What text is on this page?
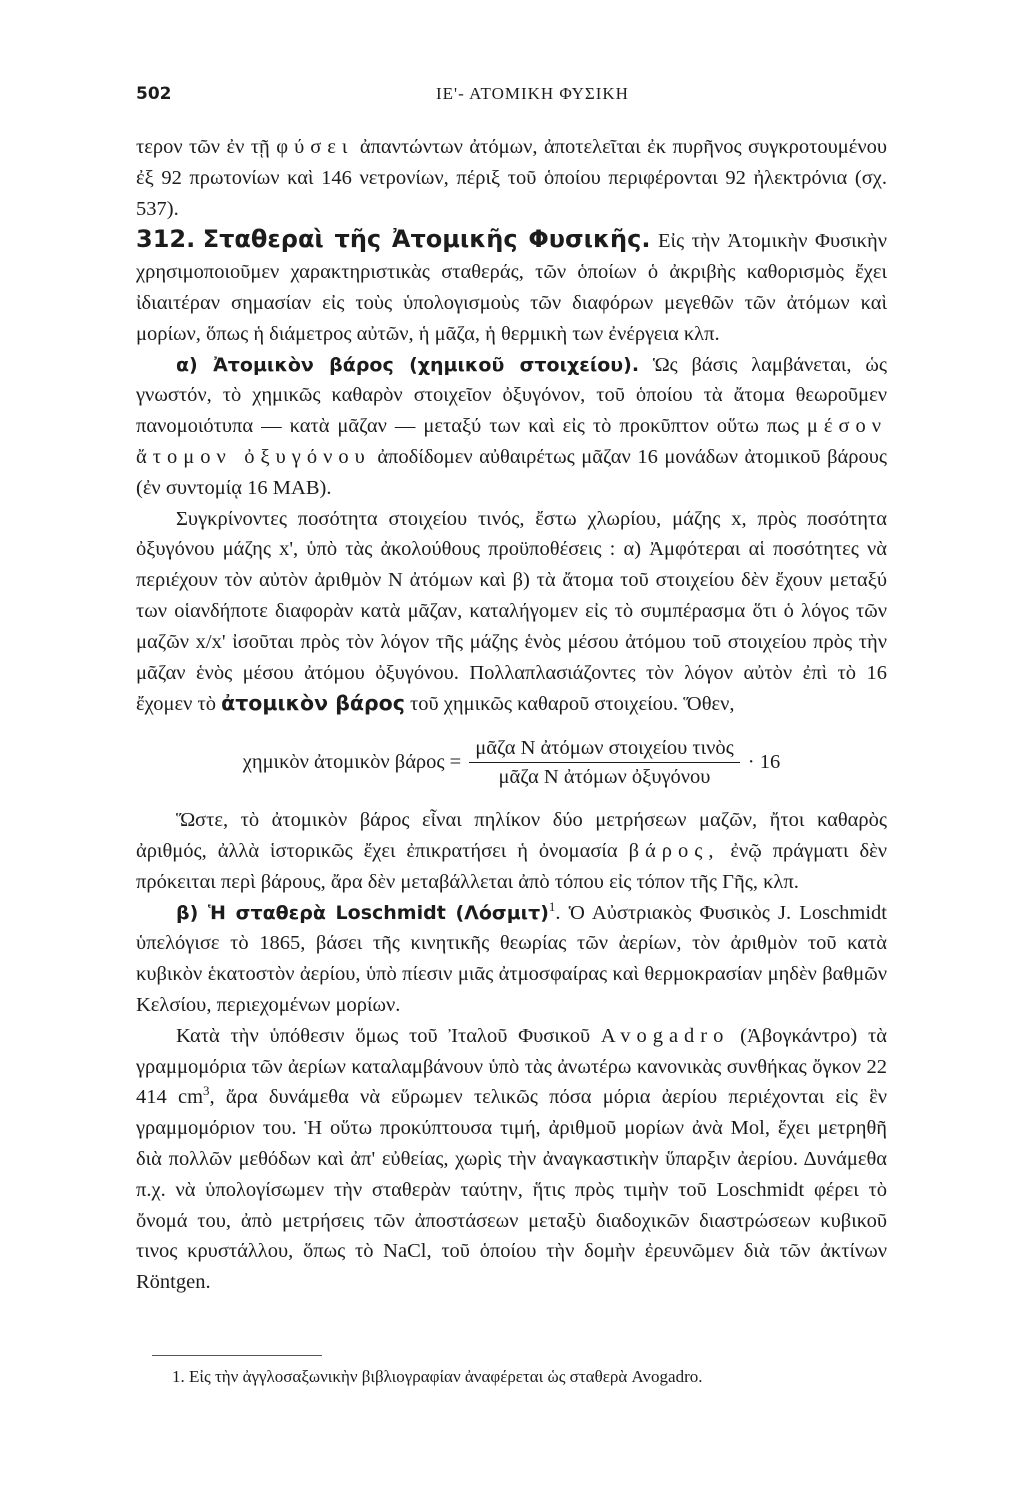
502	ΙΕ'- ΑΤΟΜΙΚΗ ΦΥΣΙΚΗ

τερον τῶν ἐν τῇ φύσει ἀπαντώντων ἀτόμων, ἀποτελεῖται ἐκ πυρῆνος συγκροτουμένου ἐξ 92 πρωτονίων καὶ 146 νετρονίων, πέριξ τοῦ ὁποίου περιφέρονται 92 ἠλεκτρόνια (σχ. 537).

312. Σταθεραὶ τῆς Ἀτομικῆς Φυσικῆς. Εἰς τὴν Ἀτομικὴν Φυσικὴν χρησιμοποιοῦμεν χαρακτηριστικὰς σταθεράς, τῶν ὁποίων ὁ ἀκριβὴς καθορισμὸς ἔχει ἰδιαιτέραν σημασίαν εἰς τοὺς ὑπολογισμοὺς τῶν διαφόρων μεγεθῶν τῶν ἀτόμων καὶ μορίων, ὅπως ἡ διάμετρος αὐτῶν, ἡ μᾶζα, ἡ θερμικὴ των ἐνέργεια κλπ.

α) Ἀτομικὸν βάρος (χημικοῦ στοιχείου). Ὡς βάσις λαμβάνεται, ὡς γνωστόν, τὸ χημικῶς καθαρὸν στοιχεῖον ὀξυγόνον, τοῦ ὁποίου τὰ ἄτομα θεωροῦμεν πανομοιότυπα — κατὰ μᾶζαν — μεταξύ των καὶ εἰς τὸ προκῦπτον οὕτω πως μέσον ἄτομον ὀξυγόνου ἀποδίδομεν αὐθαιρέτως μᾶζαν 16 μονάδων ἀτομικοῦ βάρους (ἐν συντομίᾳ 16 ΜΑΒ).

Συγκρίνοντες ποσότητα στοιχείου τινός, ἔστω χλωρίου, μάζης x, πρὸς ποσότητα ὀξυγόνου μάζης x', ὑπὸ τὰς ἀκολούθους προϋποθέσεις : α) Ἀμφότεραι αἱ ποσότητες νὰ περιέχουν τὸν αὐτὸν ἀριθμὸν N ἀτόμων καὶ β) τὰ ἄτομα τοῦ στοιχείου δὲν ἔχουν μεταξύ των οἱανδήποτε διαφορὰν κατὰ μᾶζαν, καταλήγομεν εἰς τὸ συμπέρασμα ὅτι ὁ λόγος τῶν μαζῶν x/x' ἰσοῦται πρὸς τὸν λόγον τῆς μάζης ἑνὸς μέσου ἀτόμου τοῦ στοιχείου πρὸς τὴν μᾶζαν ἑνὸς μέσου ἀτόμου ὀξυγόνου. Πολλαπλασιάζοντες τὸν λόγον αὐτὸν ἐπὶ τὸ 16 ἔχομεν τὸ ἀτομικὸν βάρος τοῦ χημικῶς καθαροῦ στοιχείου. Ὅθεν,

χημικὸν ἀτομικὸν $\beta ά\rho o\varsigma = \frac{\text{μᾶζα N ἀτόμων στοιχείου τινὸς}}{\text{μᾶζα N ἀτόμων ὀξυγόνου}} \cdot 16$

Ὥστε, τὸ ἀτομικὸν βάρος εἶναι πηλίκον δύο μετρήσεων μαζῶν, ἤτοι καθαρὸς ἀριθμός, ἀλλὰ ἱστορικῶς ἔχει ἐπικρατήσει ἡ ὀνομασία βάρος, ἐνῷ πράγματι δὲν πρόκειται περὶ βάρους, ἄρα δὲν μεταβάλλεται ἀπὸ τόπου εἰς τόπον τῆς Γῆς, κλπ.

β) Ἡ σταθερὰ Loschmidt $(\Lambda ό\sigma\mu\iota\tau)^1$. Ὁ Αὐστριακὸς Φυσικὸς J. Loschmidt ὑπελόγισε τὸ 1865, βάσει τῆς κινητικῆς θεωρίας τῶν ἀερίων, τὸν ἀριθμὸν τοῦ κατὰ κυβικὸν ἑκατοστὸν ἀερίου, ὑπὸ πίεσιν μιᾶς ἀτμοσφαίρας καὶ θερμοκρασίαν μηδὲν βαθμῶν Κελσίου, περιεχομένων μορίων.

Κατὰ τὴν ὑπόθεσιν ὅμως τοῦ Ἰταλοῦ Φυσικοῦ Avogadro (Ἀβογκάντρο) τὰ γραμμομόρια τῶν ἀερίων καταλαμβάνουν ὑπὸ τὰς ἀνωτέρω κανονικὰς συνθήκας ὄγκον 22 414 $cm^3$, ἄρα δυνάμεθα νὰ εὕρωμεν τελικῶς πόσα μόρια ἀερίου περιέχονται εἰς ἓν γραμμομόριον του. Ἡ οὕτω προκύπτουσα τιμή, ἀριθμοῦ μορίων ἀνὰ Mol, ἔχει μετρηθῆ διὰ πολλῶν μεθόδων καὶ ἀπ' εὐθείας, χωρὶς τὴν ἀναγκαστικὴν ὕπαρξιν ἀερίου. Δυνάμεθα π.χ. νὰ ὑπολογίσωμεν τὴν σταθερὰν ταύτην, ἥτις πρὸς τιμὴν τοῦ Loschmidt φέρει τὸ ὄνομά του, ἀπὸ μετρήσεις τῶν ἀποστάσεων μεταξὺ διαδοχικῶν διαστρώσεων κυβικοῦ τινος κρυστάλλου, ὅπως τὸ NaCl, τοῦ ὁποίου τὴν δομὴν ἐρευνῶμεν διὰ τῶν ἀκτίνων Röntgen.

1. Εἰς τὴν ἀγγλοσαξωνικὴν βιβλιογραφίαν ἀναφέρεται ὡς σταθερὰ Avogadro.
